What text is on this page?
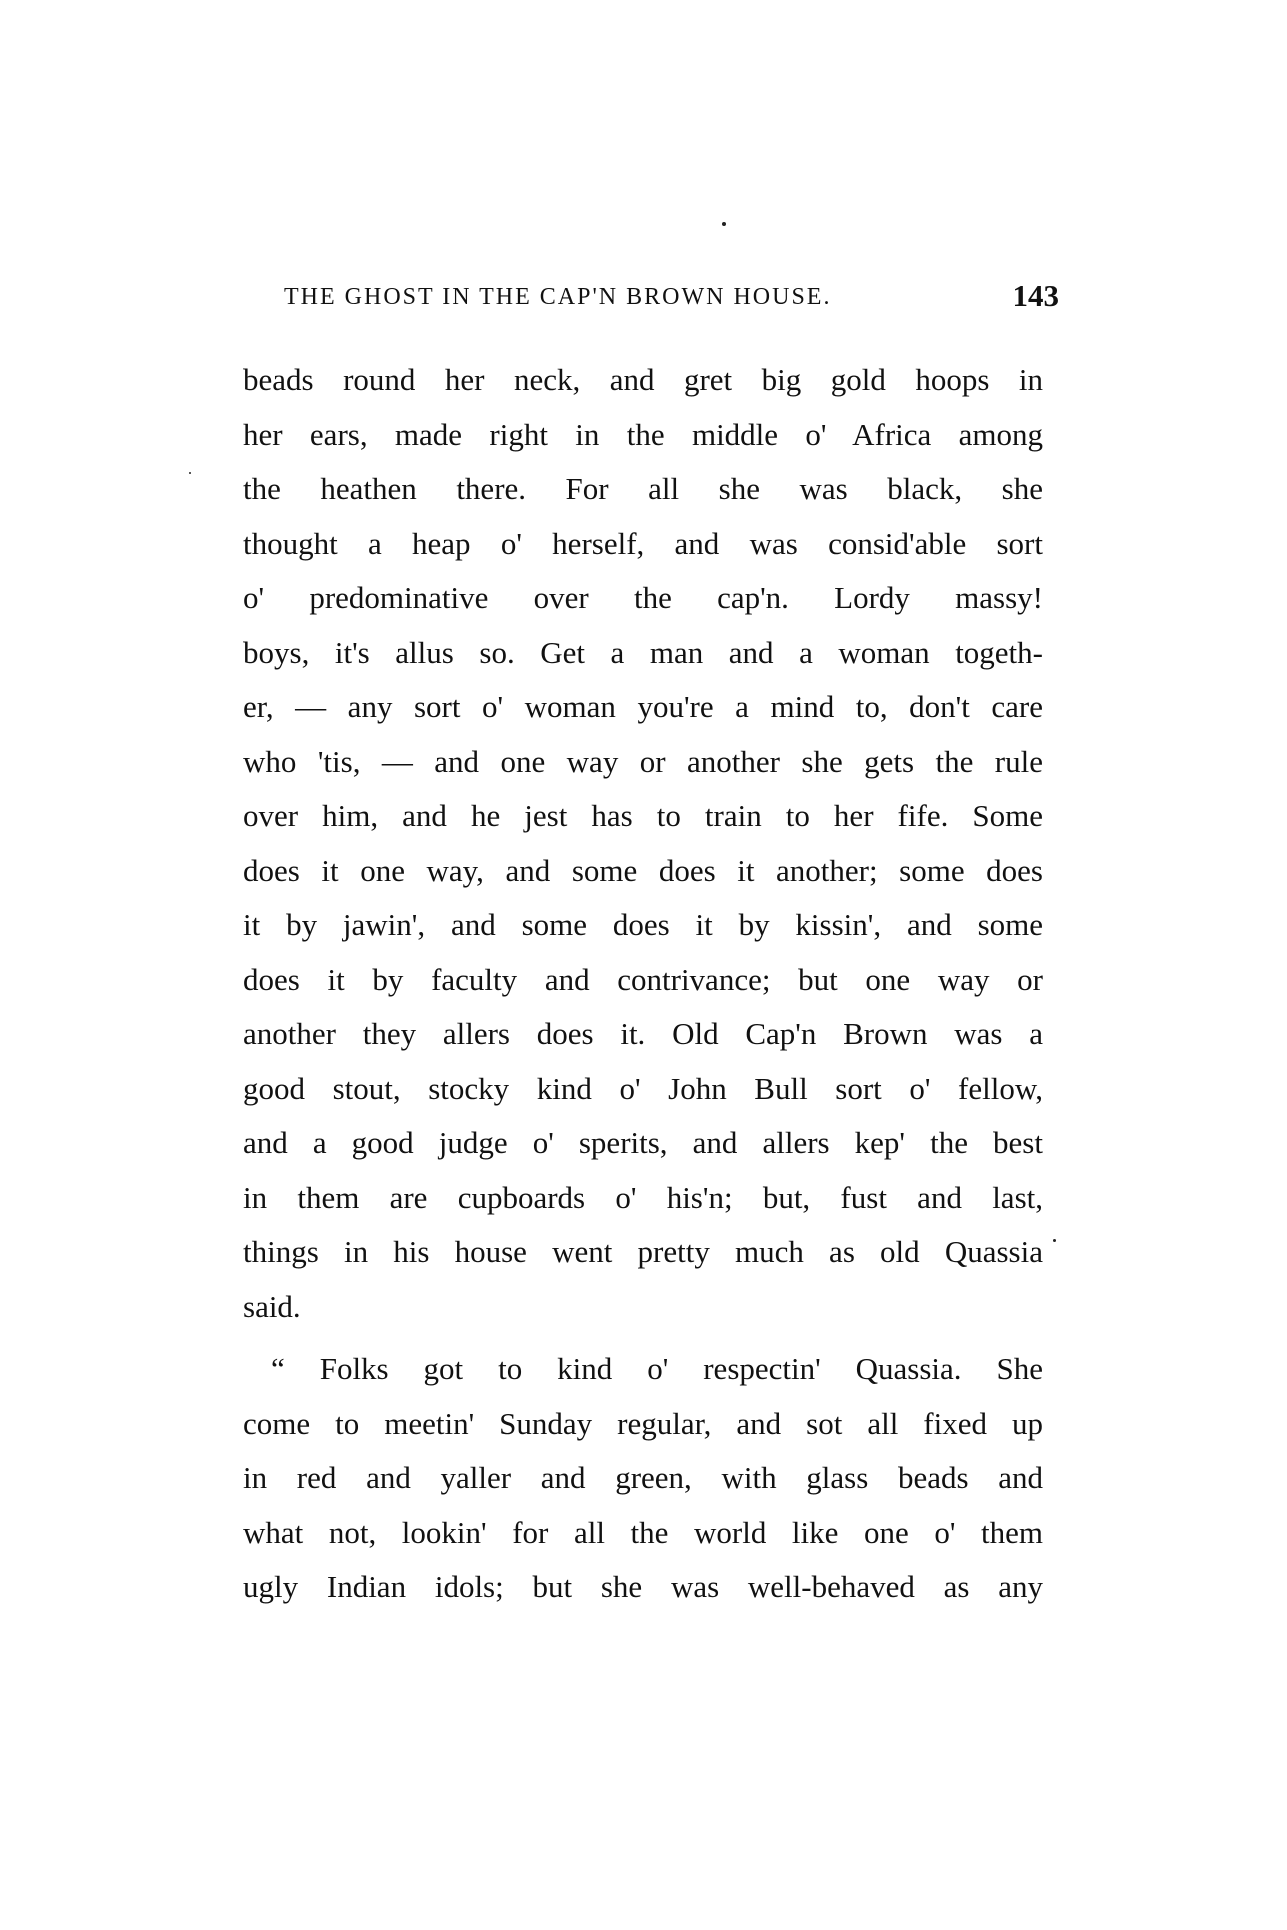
THE GHOST IN THE CAP'N BROWN HOUSE.	143
beads round her neck, and gret big gold hoops in
her ears, made right in the middle o' Africa among
the heathen there. For all she was black, she
thought a heap o' herself, and was consid'able sort
o' predominative over the cap'n. Lordy massy!
boys, it's allus so. Get a man and a woman togeth-
er, — any sort o' woman you're a mind to, don't care
who 'tis, — and one way or another she gets the rule
over him, and he jest has to train to her fife. Some
does it one way, and some does it another; some does
it by jawin', and some does it by kissin', and some
does it by faculty and contrivance; but one way or
another they allers does it. Old Cap'n Brown was a
good stout, stocky kind o' John Bull sort o' fellow,
and a good judge o' sperits, and allers kep' the best
in them are cupboards o' his'n; but, fust and last,
things in his house went pretty much as old Quassia
said.
“ Folks got to kind o' respectin' Quassia. She
come to meetin' Sunday regular, and sot all fixed up
in red and yaller and green, with glass beads and
what not, lookin' for all the world like one o' them
ugly Indian idols; but she was well-behaved as any
